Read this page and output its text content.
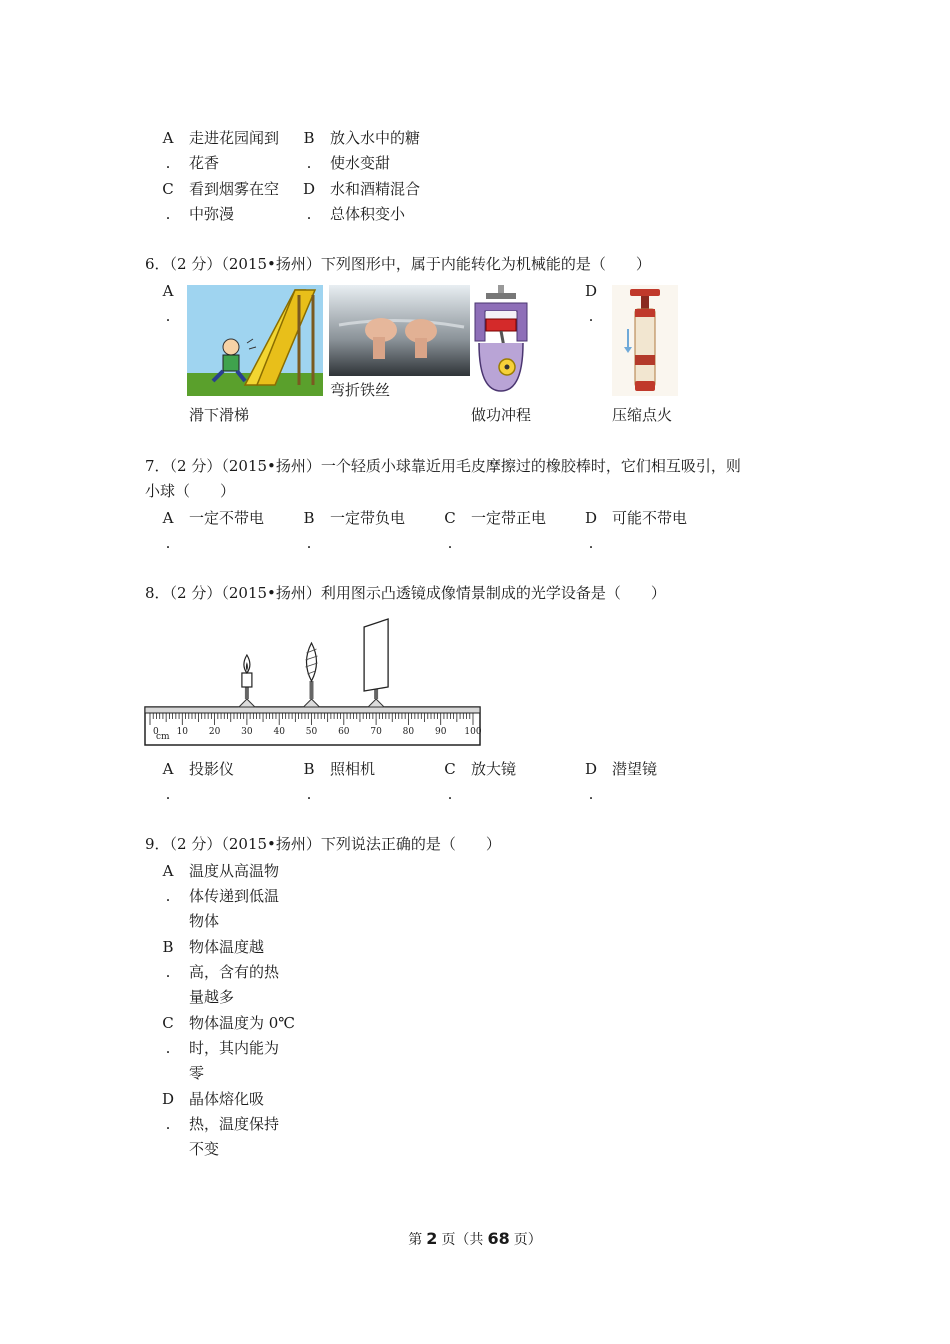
A
.
走进花园闻到
花香
B
.
放入水中的糖
使水变甜
C
.
看到烟雾在空
中弥漫
D
.
水和酒精混合
总体积变小
6．（2 分）（2015•扬州）下列图形中，属于内能转化为机械能的是（　　）
A
.
D
.
滑下滑梯
弯折铁丝
做功冲程	压缩点火
7．（2 分）（2015•扬州）一个轻质小球靠近用毛皮摩擦过的橡胶棒时，它们相互吸引，则
小球（　　）
A
.
一定不带电	B
.
一定带负电	C
.
一定带正电	D
.
可能不带电
8．（2 分）（2015•扬州）利用图示凸透镜成像情景制成的光学设备是（　　）
0 10 20 30 40 50 60 70 80 90 100
cm
A
.
投影仪	B
.
照相机	C
.
放大镜	D
.
潜望镜
9．（2 分）（2015•扬州）下列说法正确的是（　　）
A
.
温度从高温物
体传递到低温
物体
B
.
物体温度越
高，含有的热
量越多
C
.
物体温度为 0℃
时，其内能为
零
D
.
晶体熔化吸
热，温度保持
不变
第 2 页（共 68 页）
